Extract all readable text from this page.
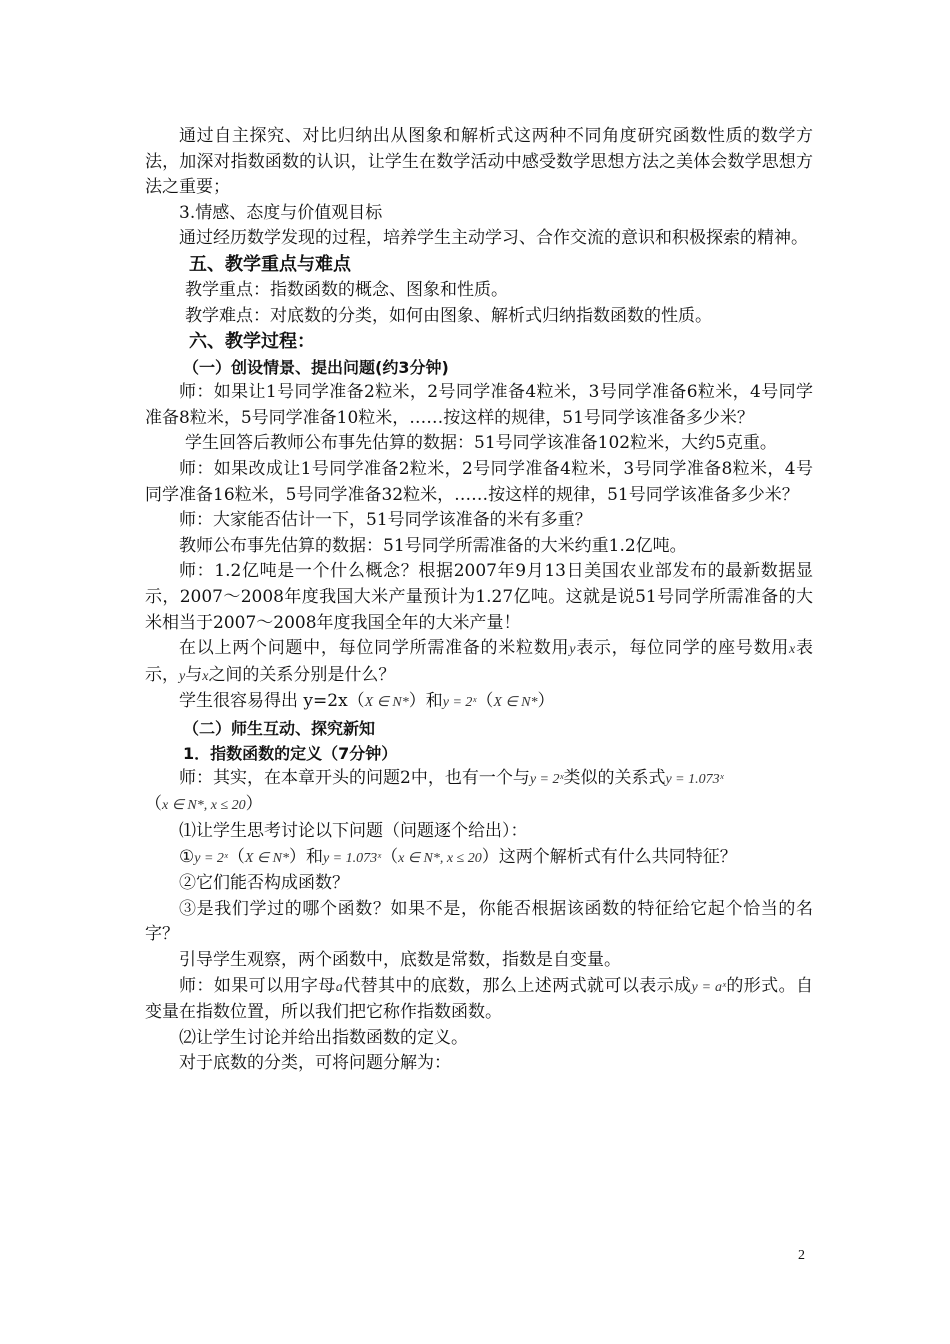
通过自主探究、对比归纳出从图象和解析式这两种不同角度研究函数性质的数学方法，加深对指数函数的认识，让学生在数学活动中感受数学思想方法之美体会数学思想方法之重要；

3.情感、态度与价值观目标

通过经历数学发现的过程，培养学生主动学习、合作交流的意识和积极探索的精神。

五、教学重点与难点

教学重点：指数函数的概念、图象和性质。

教学难点：对底数的分类，如何由图象、解析式归纳指数函数的性质。

六、教学过程：
（一）创设情景、提出问题(约3分钟)

师：如果让1号同学准备2粒米，2号同学准备4粒米，3号同学准备6粒米，4号同学准备8粒米，5号同学准备10粒米，……按这样的规律，51号同学该准备多少米？

学生回答后教师公布事先估算的数据：51号同学该准备102粒米，大约5克重。

师：如果改成让1号同学准备2粒米，2号同学准备4粒米，3号同学准备8粒米，4号同学准备16粒米，5号同学准备32粒米，……按这样的规律，51号同学该准备多少米？

师：大家能否估计一下，51号同学该准备的米有多重？

教师公布事先估算的数据：51号同学所需准备的大米约重1.2亿吨。

师：1.2亿吨是一个什么概念？根据2007年9月13日美国农业部发布的最新数据显示，2007～2008年度我国大米产量预计为1.27亿吨。这就是说51号同学所需准备的大米相当于2007～2008年度我国全年的大米产量！

在以上两个问题中，每位同学所需准备的米粒数用y表示，每位同学的座号数用x表示，y与x之间的关系分别是什么？

学生很容易得出 y=2x（X ∈ N*）和y = 2ˣ（X ∈ N*）

（二）师生互动、探究新知
1．指数函数的定义（7分钟）

师：其实，在本章开头的问题2中，也有一个与y = 2ˣ类似的关系式y = 1.073ˣ
（x ∈ N*, x ≤ 20）

⑴让学生思考讨论以下问题（问题逐个给出）：

①y = 2ˣ（X ∈ N*）和y = 1.073ˣ（x ∈ N*, x ≤ 20）这两个解析式有什么共同特征？

②它们能否构成函数？

③是我们学过的哪个函数？如果不是，你能否根据该函数的特征给它起个恰当的名字？

引导学生观察，两个函数中，底数是常数，指数是自变量。

师：如果可以用字母a代替其中的底数，那么上述两式就可以表示成y = aˣ的形式。自变量在指数位置，所以我们把它称作指数函数。

⑵让学生讨论并给出指数函数的定义。

对于底数的分类，可将问题分解为：

2
